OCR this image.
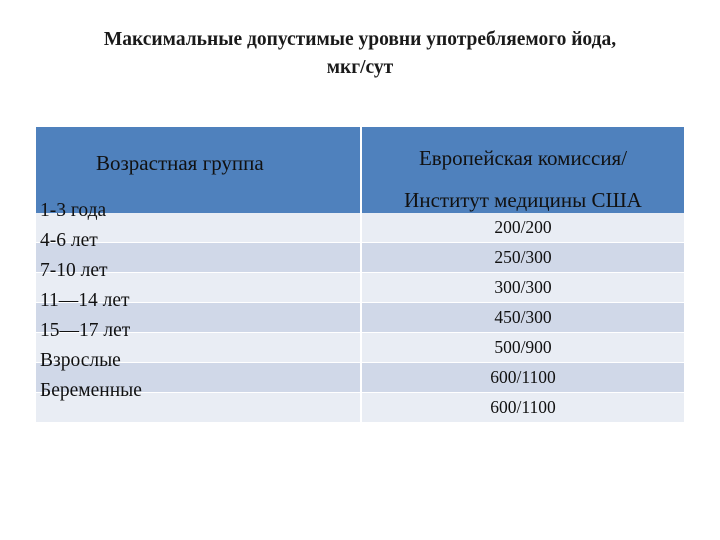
Максимальные допустимые уровни употребляемого йода,
мкг/сут
Возрастная группа	Европейская комиссия/
Институт медицины США
1-3 года
200/200
4-6 лет
250/300
7-10 лет
300/300
11—14 лет
450/300
15—17 лет
500/900
Взрослые
600/1100
Беременные
600/1100
